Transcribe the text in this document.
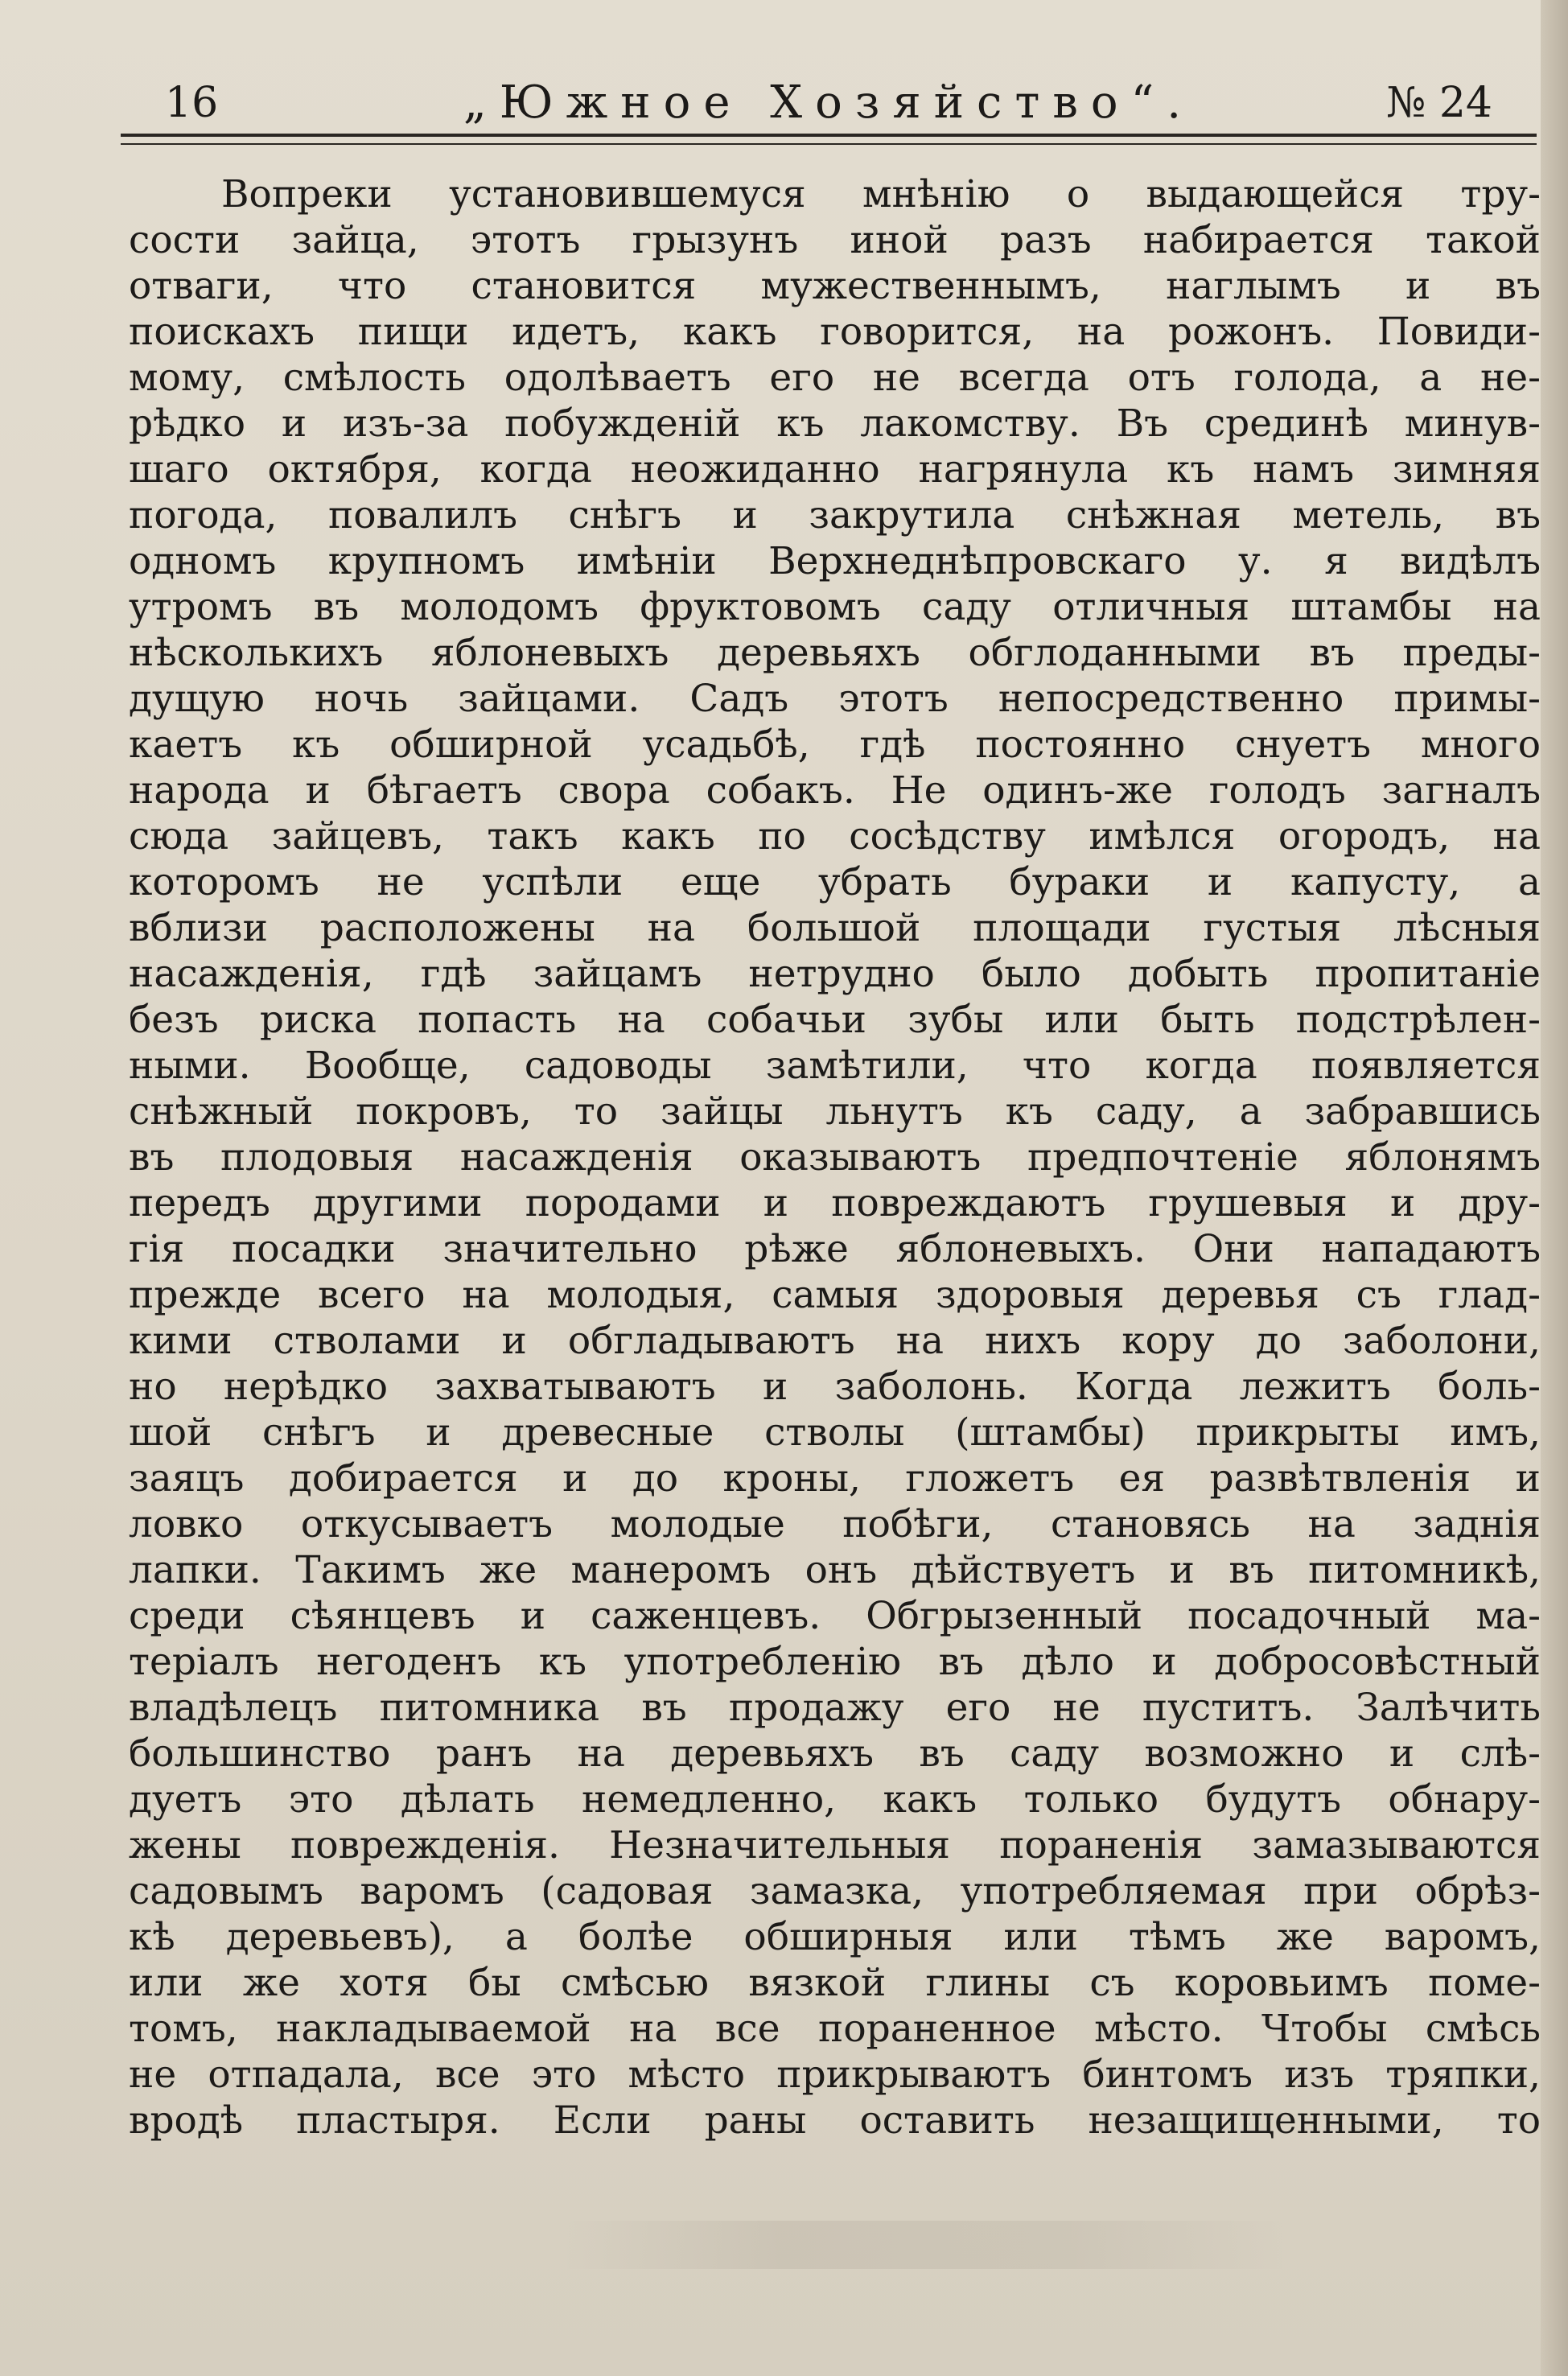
16	„Южное Хозяйство“.	№ 24
Вопреки установившемуся мнѣнію о выдающейся тру-
сости зайца, этотъ грызунъ иной разъ набирается такой
отваги, что становится мужественнымъ, наглымъ и въ
поискахъ пищи идетъ, какъ говорится, на рожонъ. Повиди-
мому, смѣлость одолѣваетъ его не всегда отъ голода, а не-
рѣдко и изъ-за побужденій къ лакомству. Въ срединѣ минув-
шаго октября, когда неожиданно нагрянула къ намъ зимняя
погода, повалилъ снѣгъ и закрутила снѣжная метель, въ
одномъ крупномъ имѣніи Верхнеднѣпровскаго у. я видѣлъ
утромъ въ молодомъ фруктовомъ саду отличныя штамбы на
нѣсколькихъ яблоневыхъ деревьяхъ обглоданными въ преды-
дущую ночь зайцами. Садъ этотъ непосредственно примы-
каетъ къ обширной усадьбѣ, гдѣ постоянно снуетъ много
народа и бѣгаетъ свора собакъ. Не одинъ-же голодъ загналъ
сюда зайцевъ, такъ какъ по сосѣдству имѣлся огородъ, на
которомъ не успѣли еще убрать бураки и капусту, а
вблизи расположены на большой площади густыя лѣсныя
насажденія, гдѣ зайцамъ нетрудно было добыть пропитаніе
безъ риска попасть на собачьи зубы или быть подстрѣлен-
ными. Вообще, садоводы замѣтили, что когда появляется
снѣжный покровъ, то зайцы льнутъ къ саду, а забравшись
въ плодовыя насажденія оказываютъ предпочтеніе яблонямъ
передъ другими породами и повреждаютъ грушевыя и дру-
гія посадки значительно рѣже яблоневыхъ. Они нападаютъ
прежде всего на молодыя, самыя здоровыя деревья съ глад-
кими стволами и обгладываютъ на нихъ кору до заболони,
но нерѣдко захватываютъ и заболонь. Когда лежитъ боль-
шой снѣгъ и древесные стволы (штамбы) прикрыты имъ,
заяцъ добирается и до кроны, гложетъ ея развѣтвленія и
ловко откусываетъ молодые побѣги, становясь на заднія
лапки. Такимъ же манеромъ онъ дѣйствуетъ и въ питомникѣ,
среди сѣянцевъ и саженцевъ. Обгрызенный посадочный ма-
теріалъ негоденъ къ употребленію въ дѣло и добросовѣстный
владѣлецъ питомника въ продажу его не пуститъ. Залѣчить
большинство ранъ на деревьяхъ въ саду возможно и слѣ-
дуетъ это дѣлать немедленно, какъ только будутъ обнару-
жены поврежденія. Незначительныя пораненія замазываются
садовымъ варомъ (садовая замазка, употребляемая при обрѣз-
кѣ деревьевъ), а болѣе обширныя или тѣмъ же варомъ,
или же хотя бы смѣсью вязкой глины съ коровьимъ поме-
томъ, накладываемой на все пораненное мѣсто. Чтобы смѣсь
не отпадала, все это мѣсто прикрываютъ бинтомъ изъ тряпки,
вродѣ пластыря. Если раны оставить незащищенными, то
